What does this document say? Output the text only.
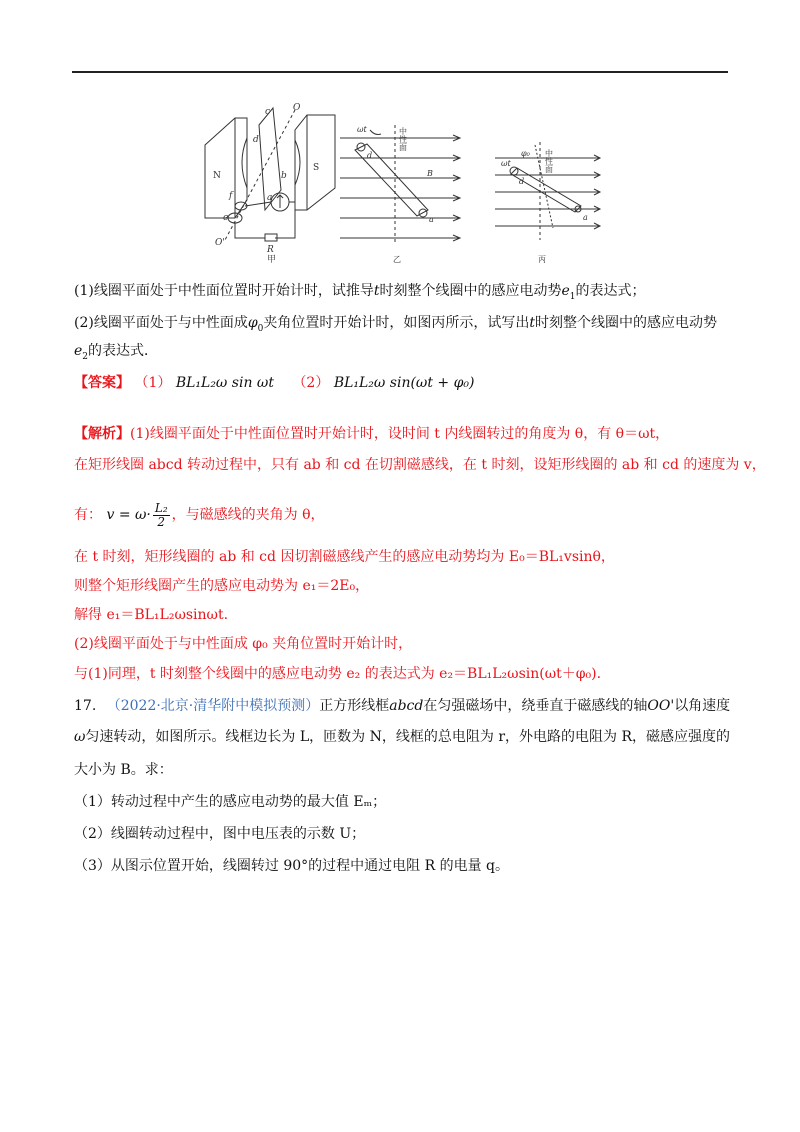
N
S
O
O'
c
d
b
a
f
e
R
甲
ωt	中
性
面
B
d
a
乙
φ₀
ωt
中
性
面
d
a
丙
(1)线圈平面处于中性面位置时开始计时，试推导t时刻整个线圈中的感应电动势$e_1$的表达式；
(2)线圈平面处于与中性面成$\varphi_0$夹角位置时开始计时，如图丙所示，试写出t时刻整个线圈中的感应电动势
$e_2$的表达式．
【答案】 （1） BL₁L₂ω sin ωt （2） BL₁L₂ω sin(ωt + φ₀)
【解析】(1)线圈平面处于中性面位置时开始计时，设时间 t 内线圈转过的角度为 θ，有 θ＝ωt，
在矩形线圈 abcd 转动过程中，只有 ab 和 cd 在切割磁感线，在 t 时刻，设矩形线圈的 ab 和 cd 的速度为 v，
有： $v = \omega\cdot \frac{\text{L₂}}{2}$ ，与磁感线的夹角为 θ，
在 t 时刻，矩形线圈的 ab 和 cd 因切割磁感线产生的感应电动势均为 E₀＝BL₁vsinθ，
则整个矩形线圈产生的感应电动势为 e₁＝2E₀，
解得 e₁＝BL₁L₂ωsinωt.
(2)线圈平面处于与中性面成 φ₀ 夹角位置时开始计时，
与(1)同理，t 时刻整个线圈中的感应电动势 e₂ 的表达式为 e₂＝BL₁L₂ωsin(ωt＋φ₀).
17. （2022·北京·清华附中模拟预测）正方形线框abcd在匀强磁场中，绕垂直于磁感线的轴OO'以角速度
ω匀速转动，如图所示。线框边长为 L，匝数为 N，线框的总电阻为 r，外电路的电阻为 R，磁感应强度的
大小为 B。求：
（1）转动过程中产生的感应电动势的最大值 Eₘ；
（2）线圈转动过程中，图中电压表的示数 U；
（3）从图示位置开始，线圈转过 90°的过程中通过电阻 R 的电量 q。
